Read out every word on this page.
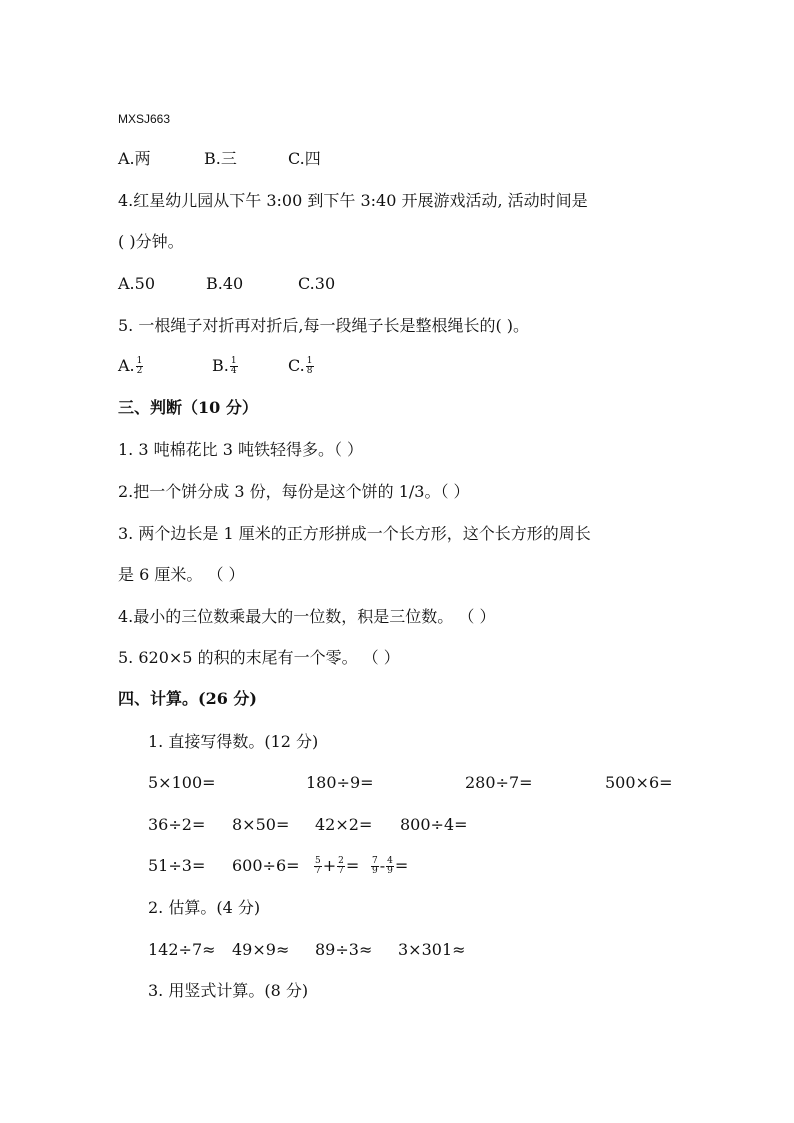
MXSJ663
A.两	B.三	C.四
4.红星幼儿园从下午 3:00 到下午 3:40 开展游戏活动, 活动时间是
( )分钟。
A.50	B.40	C.30
5. 一根绳子对折再对折后,每一段绳子长是整根绳长的( )。
A. $\frac{1}{2}$	B. $\frac{1}{4}$	C. $\frac{1}{8}$
三、判断（10 分）
1. 3 吨棉花比 3 吨铁轻得多。（ ）
2.把一个饼分成 3 份，每份是这个饼的 1/3。（ ）
3. 两个边长是 1 厘米的正方形拼成一个长方形，这个长方形的周长
是 6 厘米。 （ ）
4.最小的三位数乘最大的一位数，积是三位数。 （ ）
5. 620×5 的积的末尾有一个零。 （ ）
四、计算。(26 分)
1. 直接写得数。(12 分)
5×100=	180÷9=	280÷7=	500×6=
36÷2= 8×50= 42×2= 800÷4=
$51\div 3= 600\div 6= \frac{5}{7} + \frac{2}{7} = \frac{7}{9} - \frac{4}{9}$ =
2. 估算。(4 分)
142÷7≈ 49×9≈ 89÷3≈ 3×301≈
3. 用竖式计算。(8 分)
